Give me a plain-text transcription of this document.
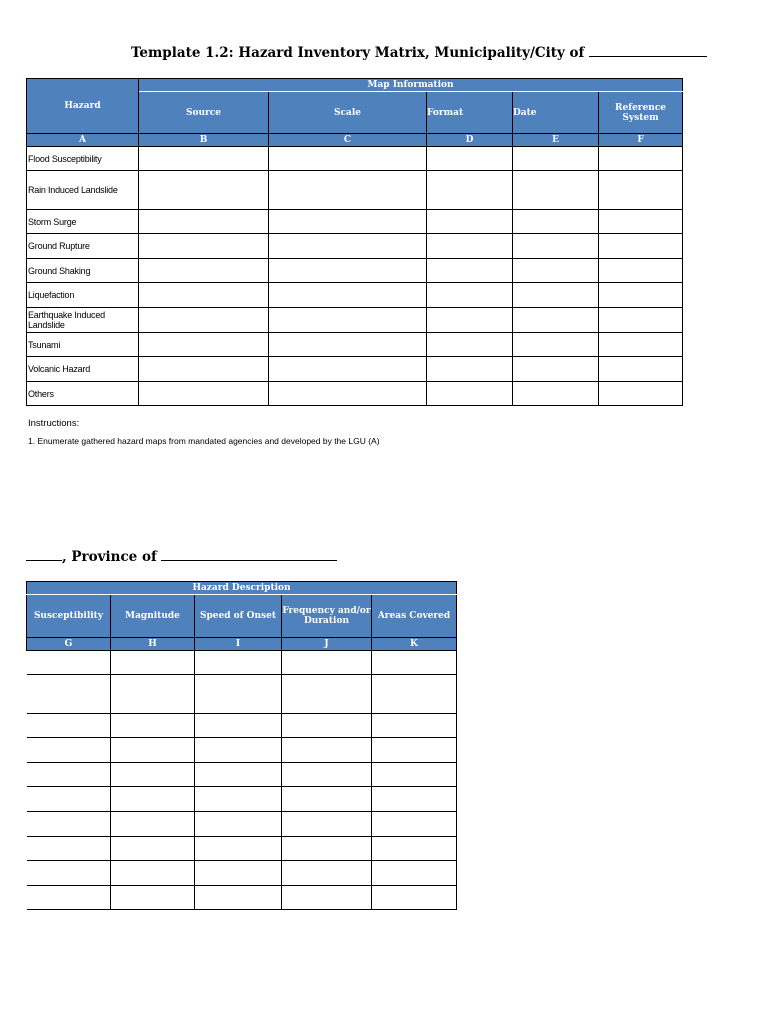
Template 1.2: Hazard Inventory Matrix, Municipality/City of
Hazard	Map Information				
	Source	Scale	Format	Date	Reference System
A	B	C	D	E	F
Flood Susceptibility					
Rain Induced Landslide					
Storm Surge					
Ground Rupture					
Ground Shaking					
Liquefaction					
Earthquake Induced Landslide					
Tsunami					
Volcanic Hazard					
Others					
Instructions:
1. Enumerate gathered hazard maps from mandated agencies and developed by the LGU (A)
, Province of
Hazard Description				
Susceptibility	Magnitude	Speed of Onset	Frequency and/or Duration	Areas Covered
G	H	I	J	K
